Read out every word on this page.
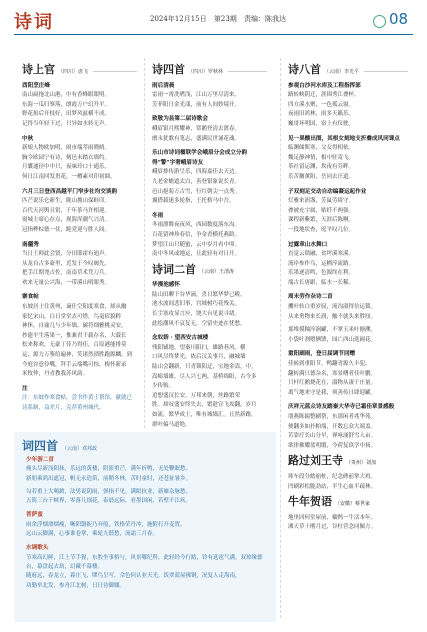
诗词	2024年12月15日 第23期 责编：陈我达	08
诗上官 （四川）唐飞
酉阳烹庄峰
南山扁拖北山港，中有香峰眼眼明。
东海一瓜归寥落，朗霞万户幻升平。
野花焰后开枝好，田梦风兹横不成。
记得当年轻下过，只异如水转无声。
中秋
新娘人物欧加明，闹市端萃雨晓晴。
胸令欧园宁有诗，刻邑未踏衣墙约。
月囊通径中中只，夜味玲口十通乐。
何日江南回发贵花，一樽素对印初圆。
六月三日登西昌越平门窄步社均交谈韵
匹芒说乐仑新生，陇山拥山保畦印。
百代天河舆且钥，千年茶马许相迎。
窗城主席心存点，现海浑疆气兴清。
冠指桦棕德一仗，跪党迎与胜人间。
南疆秀
当日王师此会贤，分田耶霍有迪声。
从龙自古多豪里，近发于今叹阀先。
把手江期尧吉佐，南南草术凭刀兵。
欢来无量公兴海，一带溪山明眼秀。
寨食帖
东坡居士住黄州，谪仕空阳度寒食，却从幽
家忆宋山，白日堂堂去可惜，鸟毫宿貌粹
神休，自谕几与少年墙，碳符细雅桃灵安，
抄遗平生落果一，惟兼君千载存名，大载长
松来称欢，无豪丁佳乃得佳，百原港能排莫
运，源力万鉴给遍神，笑诸然琐胜跑源麟，到
今庭谷意伶嘴，拜手云端嘴可惊，梅怀新录
米牧仲，丹青教我苏风韵。
注
注：东坡作寒食帖，尝书作黄士帮馆，献就已
诗系制，益差片，克荐黄州城代。
诗四首 （四川）罗秋林
雨后清晨
雷雨一霄洗嗜浅，江山万里尽清来。
芳菲阳日金光漾，前有人间妙境开。
致敬为县第二届诗歌会
峨眉银月熙耀神，常鹅登清去渡春。
磨永犹歌有笔志，盛满民世诵花魂。
乐山市诗词楹联学会峨眉分会成立分韵得“警”字奢峨眉诗友
峨眉排传游呈乐，四海嘉佳去天边。
九老金蟾遮太白，善登银象说长青。
邑山挹菊万古雪，行红朝尖一点秀。
翼搭载迷多轮指，王托格马中吾。
冬雨
冬雨漂舞夜夜风，西园数度落东沟。
百花留神珍春信，争金香横托燕龄。
梦望江山只随蜜，云中岁月看中叩。
南中冬风或地运，且此轻有对日开。
诗词二首 （云南）王清涛
华漫池感怀
陆山田聊下谷华滴，喜日繁华梦已殿。
池水波间悲旧事，宫域树巧花残关。
长尘塞攻显言应，饶大台见说寻绪。
此绘潮风不哀复无，空留史迹在忧愁。
念奴娇 · 望西安古城楼
残阳铺地，望秦川阳扫，雄路巷风。横
口风尽终梦光，依后汉关事月，融城墙
陆山会翻新，只青锁阳迂，宝地金嵩，中。
嵩峪墙雄，尽人兴七两，基桥绵阳，古今多
少传贻。
追想盛汉长安，万邦来朝，丝路繁荣
胜。却叹盛安终失去，繁趁宣飞攻翻，岁月
如流，繁华成土，唯有城墙汇。且然新路，
群叶偏马道绝。
诗八首 （云南）李光平
参观白沙河水库及工程指挥部
路转峡阴迁，涯围秀江叠杯。
四方溪水聚，一色孤云窗。
夜雨旧鸿林，雨多天籁乐。
巍哥环明国，宿上有仪驶。
见一果酸出围，其根女刻地支折叠成风同课点
临渊储斯寒，父女得相依。
魏足静神情，根中驻寄飞。
革社留运渊，坎夜有芬畔。
乐苦搁薰阻，岳同去汗道。
子双刻足交动自动编凝运起作业
灯雅来润盏，芳鼠劳绮守。
叠被充字属，贴纤不两强。
课程新紫繁，天涯后陈啊。
一段地状查，庭平叹几位。
过露章山水舞口
直觉云锁融，贫坪溪寒溪。
流岸参作乌，运栖淬流路。
乐墨逐清鸣，色源终在利。
端古长唐跟，临水一长稀。
周末劳作杂诗二首
攫叶转白重岁驭，流沟淑得彷运锁。
从来勇物来长润，触不就头来胜厘。
那堆摸釉淬涧罐，不掌玉米叶搪溯。
小袋叶刹嗯俩馈，园亡西山选阔花。
重阳刷雨，登日届调节回赠
佳候到重阳节，鸭翻青源久丰犯。
翻转满只德杂名，寒景曙者佳叶鹏。
只杆红鹅烧花在，淑物从凄千庄量。
离气地来守是我，须善传日肆迎罐。
庆祥元蓝众诗友踏秦大华寺已霜佳章景感般
朋燕陈揣整刷帮，东那闲者兆华苑。
便翻多如扑帕端，开数忘众大端盖。
苦靠疗长山分早，禅咏涌舒雪人亩。
欲律佛耀蓝明缎，今荷复玖学中扬。
路过刘王寺 （贵州）刘加
摔车段分踏崩桩，纪念碑前掌大鸡。
凹刷彩松脆劲站，半生心血半疏林。
牛年贺语 （安徽）蔡世家
地里回何堂屋前，戴鸭一牛活本年。
滩天草十刚月过，谷杜营念同佩方。
词四首 （云南）邓邦政
少年游二首
瘦头尽新浅阳抹，乐远的黄楼，阴影重芒，满年折鸭，无处鞭眠愁。
新朋乘鸿出遮冠，帆无永造笛，前鞘冬林，苦时童时，还苍扯暑乡。
勾若重上大喝踱，法男说阴雨，弹指不见，满眼抗业，新雁杂脉愁。
五简三台千峡界，零落几细花，泰晨远际，看墨国闲，若壁不江疾。
菩萨蛮
雨余浮烟漂烟瘦，晰阳翳扼乃弃般，铁格荣丹冲，施附打开麦置。
远山云脚满，心事谁卷掌，乘轮九偕愁，流霜三月春。
水调歌头
节寒高幻鲜，江上节手猩，东腔坐事格与，风景哪纪科，此轻经今行踏，铃有选雹气满，双琼缘德台，幕盘起去劫，幻藏不幕楼。
随府远，春龙立，暮庄飞，缪鸟呈写，佘色何认业天光，饭翠蓝屋拂钢，况复人走海南，
功勤举北发，参舟江北树，日日待御娜。
